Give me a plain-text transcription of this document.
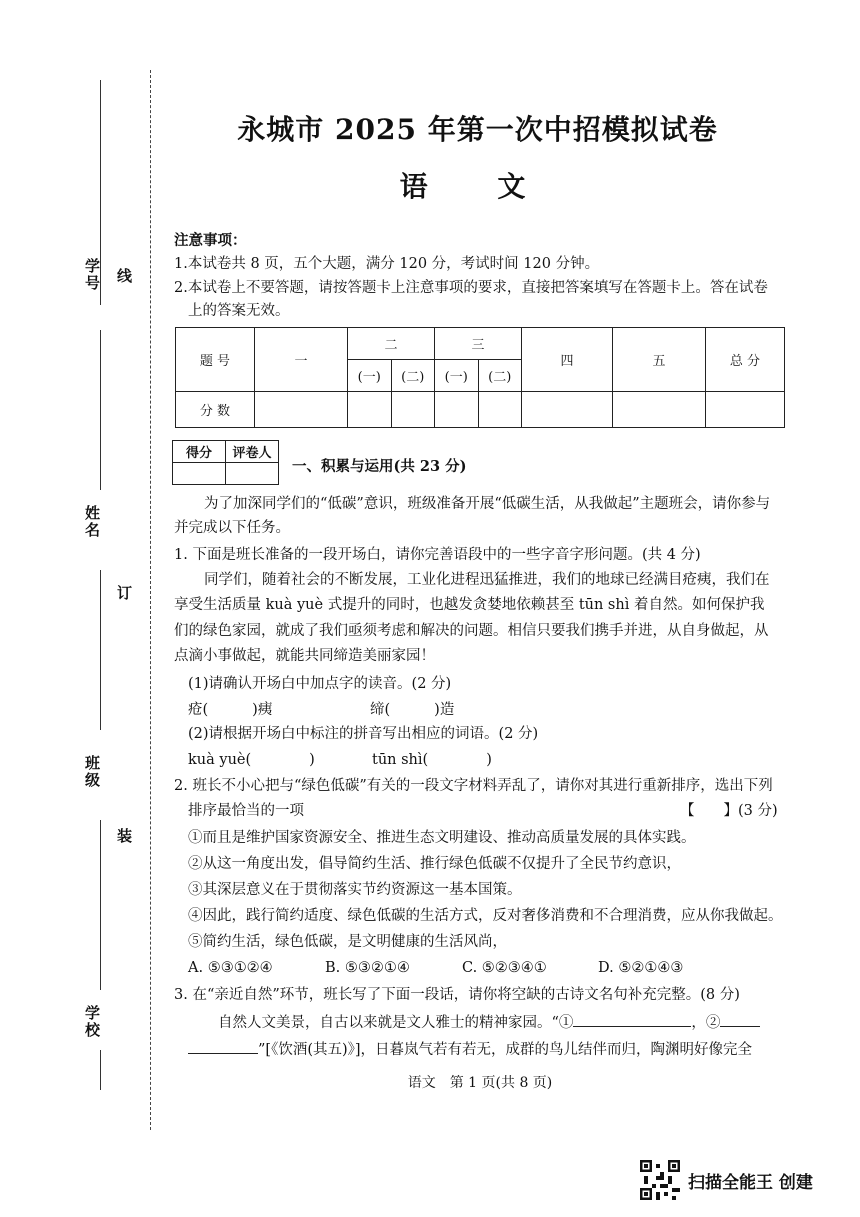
学号
姓名
班级
学校
线
订
装
永城市 2025 年第一次中招模拟试卷
语 文
注意事项：
1.本试卷共 8 页，五个大题，满分 120 分，考试时间 120 分钟。
2.本试卷上不要答题，请按答题卡上注意事项的要求，直接把答案填写在答题卡上。答在试卷
上的答案无效。
题 号	一	二		三		四	五	总 分
		(一)	(二)	(一)	(二)			
分 数								
得分	评卷人

一、积累与运用(共 23 分)
为了加深同学们的“低碳”意识，班级准备开展“低碳生活，从我做起”主题班会，请你参与
并完成以下任务。
1. 下面是班长准备的一段开场白，请你完善语段中的一些字音字形问题。(共 4 分)
同学们，随着社会的不断发展，工业化进程迅猛推进，我们的地球已经满目疮痍，我们在
享受生活质量 kuà yuè 式提升的同时，也越发贪婪地依赖甚至 tūn shì 着自然。如何保护我
们的绿色家园，就成了我们亟须考虑和解决的问题。相信只要我们携手并进，从自身做起，从
点滴小事做起，就能共同缔造美丽家园！
(1)请确认开场白中加点字的读音。(2 分)
疮(	)痍	缔(	)造
(2)请根据开场白中标注的拼音写出相应的词语。(2 分)
kuà yuè(	)	tūn shì(	)
2. 班长不小心把与“绿色低碳”有关的一段文字材料弄乱了，请你对其进行重新排序，选出下列
排序最恰当的一项	【　　】(3 分)
①而且是维护国家资源安全、推进生态文明建设、推动高质量发展的具体实践。
②从这一角度出发，倡导简约生活、推行绿色低碳不仅提升了全民节约意识，
③其深层意义在于贯彻落实节约资源这一基本国策。
④因此，践行简约适度、绿色低碳的生活方式，反对奢侈消费和不合理消费，应从你我做起。
⑤简约生活，绿色低碳，是文明健康的生活风尚，
A. ⑤③①②④	B. ⑤③②①④	C. ⑤②③④①	D. ⑤②①④③
3. 在“亲近自然”环节，班长写了下面一段话，请你将空缺的古诗文名句补充完整。(8 分)
自然人文美景，自古以来就是文人雅士的精神家园。“①	，②
”[《饮酒(其五)》]，日暮岚气若有若无，成群的鸟儿结伴而归，陶渊明好像完全
语文　第 1 页(共 8 页)
扫描全能王 创建
